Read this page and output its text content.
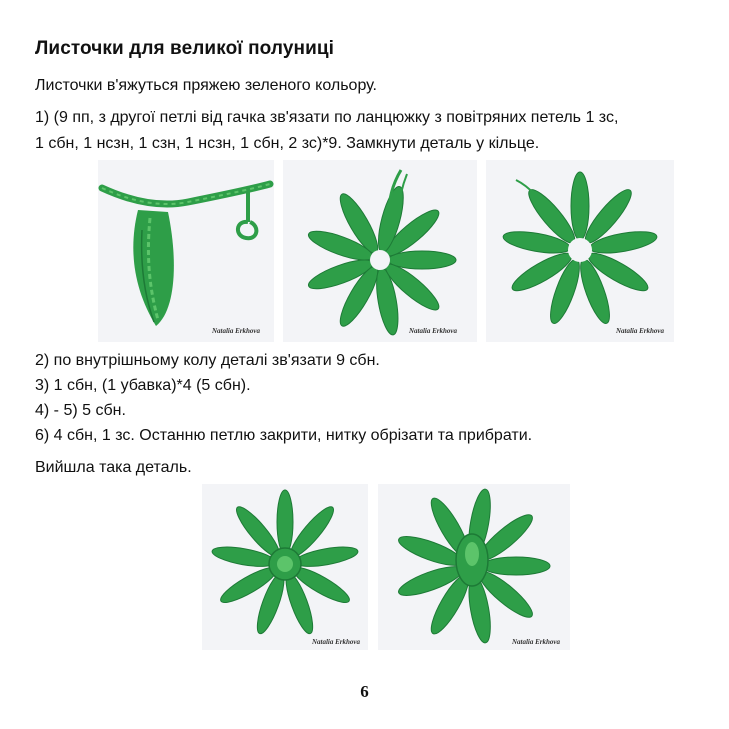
Листочки для великої полуниці

Листочки в'яжуться пряжею зеленого кольору.

1) (9 пп, з другої петлі від гачка зв'язати по ланцюжку з повітряних петель 1 зс,

1 сбн, 1 нсзн, 1 сзн, 1 нсзн, 1 сбн, 2 зс)*9. Замкнути деталь у кільце.

Natalia Erkhova	Natalia Erkhova	Natalia Erkhova

2) по внутрішньому колу деталі зв'язати 9 сбн.

3) 1 сбн, (1 убавка)*4 (5 сбн).

4) - 5) 5 сбн.

6) 4 сбн, 1 зс. Останню петлю закрити, нитку обрізати та прибрати.

Вийшла така деталь.

Natalia Erkhova	Natalia Erkhova
6
